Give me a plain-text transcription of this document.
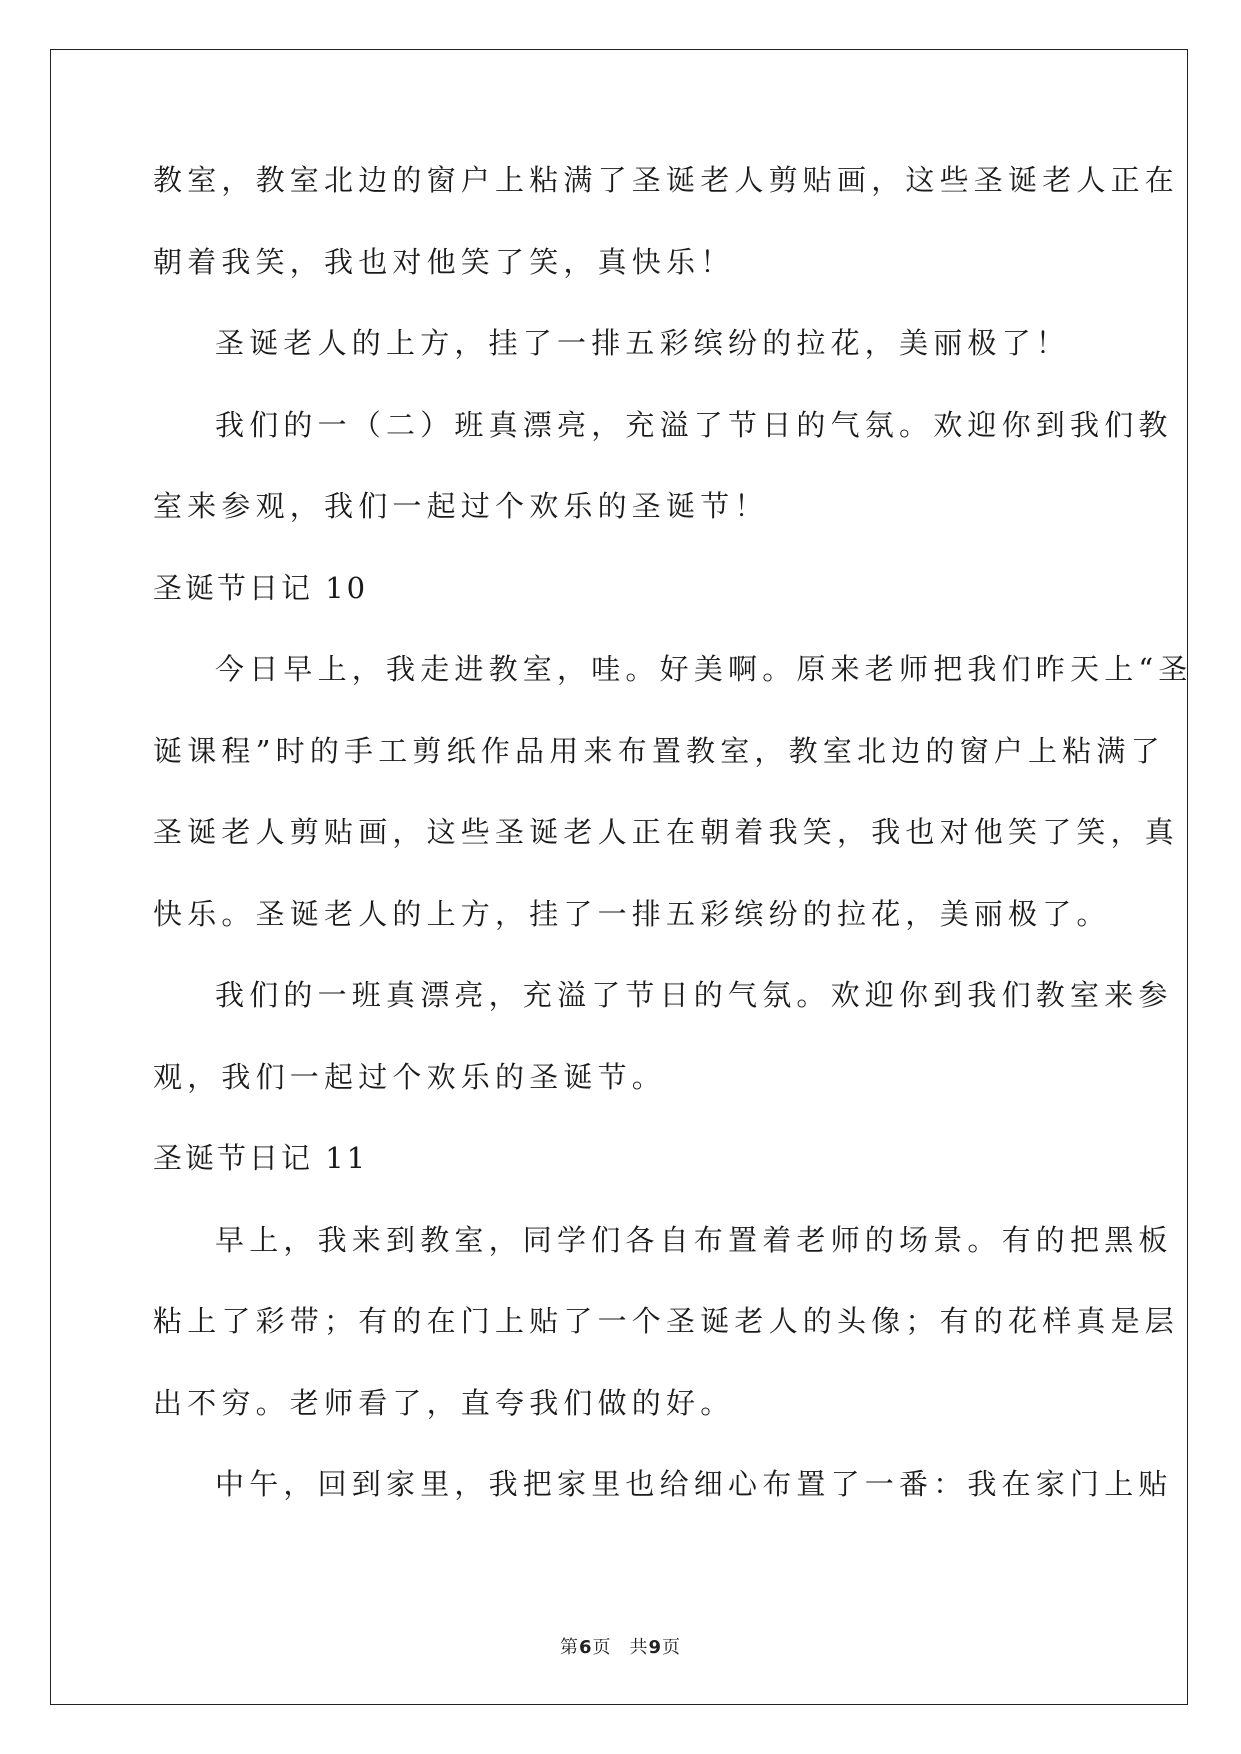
教室，教室北边的窗户上粘满了圣诞老人剪贴画，这些圣诞老人正在
朝着我笑，我也对他笑了笑，真快乐！
圣诞老人的上方，挂了一排五彩缤纷的拉花，美丽极了！
我们的一（二）班真漂亮，充溢了节日的气氛。欢迎你到我们教
室来参观，我们一起过个欢乐的圣诞节！
圣诞节日记 10
今日早上，我走进教室，哇。好美啊。原来老师把我们昨天上“圣
诞课程”时的手工剪纸作品用来布置教室，教室北边的窗户上粘满了
圣诞老人剪贴画，这些圣诞老人正在朝着我笑，我也对他笑了笑，真
快乐。圣诞老人的上方，挂了一排五彩缤纷的拉花，美丽极了。
我们的一班真漂亮，充溢了节日的气氛。欢迎你到我们教室来参
观，我们一起过个欢乐的圣诞节。
圣诞节日记 11
早上，我来到教室，同学们各自布置着老师的场景。有的把黑板
粘上了彩带；有的在门上贴了一个圣诞老人的头像；有的花样真是层
出不穷。老师看了，直夸我们做的好。
中午，回到家里，我把家里也给细心布置了一番：我在家门上贴
第6页 共9页
